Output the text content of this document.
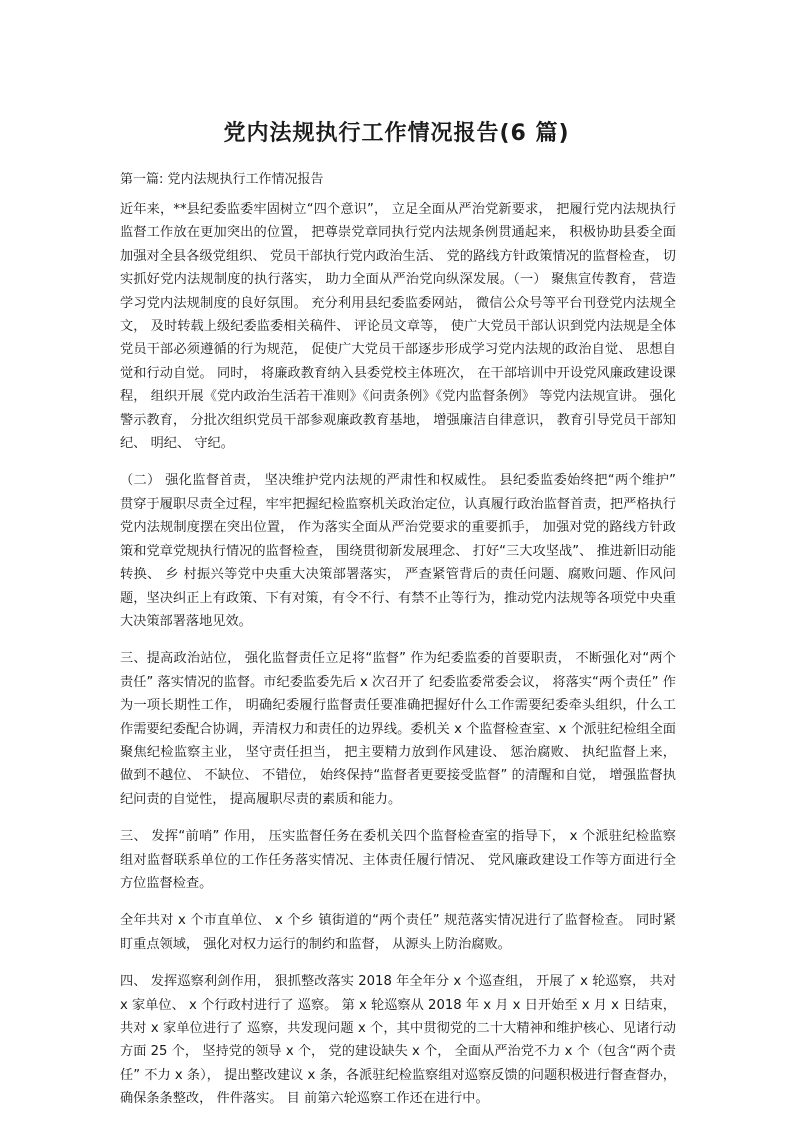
党内法规执行工作情况报告(6 篇)

第一篇: 党内法规执行工作情况报告

近年来，**县纪委监委牢固树立“四个意识”， 立足全面从严治党新要求， 把履行党内法规执行监督工作放在更加突出的位置， 把尊崇党章同执行党内法规条例贯通起来， 积极协助县委全面加强对全县各级党组织、 党员干部执行党内政治生活、 党的路线方针政策情况的监督检查， 切实抓好党内法规制度的执行落实， 助力全面从严治党向纵深发展。（一） 聚焦宣传教育， 营造学习党内法规制度的良好氛围。 充分利用县纪委监委网站， 微信公众号等平台刊登党内法规全文， 及时转载上级纪委监委相关稿件、 评论员文章等， 使广大党员干部认识到党内法规是全体党员干部必须遵循的行为规范， 促使广大党员干部逐步形成学习党内法规的政治自觉、 思想自觉和行动自觉。 同时， 将廉政教育纳入县委党校主体班次， 在干部培训中开设党风廉政建设课程， 组织开展《党内政治生活若干准则》《问责条例》《党内监督条例》 等党内法规宣讲。 强化警示教育， 分批次组织党员干部参观廉政教育基地， 增强廉洁自律意识， 教育引导党员干部知纪、 明纪、 守纪。

（二） 强化监督首责， 坚决维护党内法规的严肃性和权威性。 县纪委监委始终把“两个维护” 贯穿于履职尽责全过程，牢牢把握纪检监察机关政治定位，认真履行政治监督首责，把严格执行党内法规制度摆在突出位置， 作为落实全面从严治党要求的重要抓手， 加强对党的路线方针政策和党章党规执行情况的监督检查， 围绕贯彻新发展理念、 打好“三大攻坚战”、 推进新旧动能转换、 乡 村振兴等党中央重大决策部署落实， 严查紧管背后的责任问题、腐败问题、作风问题，坚决纠正上有政策、下有对策，有令不行、有禁不止等行为，推动党内法规等各项党中央重大决策部署落地见效。

三、提高政治站位， 强化监督责任立足将“监督” 作为纪委监委的首要职责， 不断强化对“两个责任” 落实情况的监督。市纪委监委先后 x 次召开了 纪委监委常委会议， 将落实“两个责任” 作为一项长期性工作， 明确纪委履行监督责任要准确把握好什么工作需要纪委牵头组织，什么工作需要纪委配合协调，弄清权力和责任的边界线。委机关 x 个监督检查室、x 个派驻纪检组全面聚焦纪检监察主业， 坚守责任担当， 把主要精力放到作风建设、 惩治腐败、 执纪监督上来， 做到不越位、 不缺位、 不错位， 始终保持“监督者更要接受监督” 的清醒和自觉， 增强监督执纪问责的自觉性， 提高履职尽责的素质和能力。

三、 发挥“前哨” 作用， 压实监督任务在委机关四个监督检查室的指导下， x 个派驻纪检监察组对监督联系单位的工作任务落实情况、主体责任履行情况、 党风廉政建设工作等方面进行全方位监督检查。

全年共对 x 个市直单位、 x 个乡 镇街道的“两个责任” 规范落实情况进行了监督检查。 同时紧盯重点领域， 强化对权力运行的制约和监督， 从源头上防治腐败。

四、 发挥巡察利剑作用， 狠抓整改落实 2018 年全年分 x 个巡查组， 开展了 x 轮巡察， 共对 x 家单位、 x 个行政村进行了 巡察。 第 x 轮巡察从 2018 年 x 月 x 日开始至 x 月 x 日结束，共对 x 家单位进行了 巡察，共发现问题 x 个，其中贯彻党的二十大精神和维护核心、见诸行动方面 25 个， 坚持党的领导 x 个， 党的建设缺失 x 个， 全面从严治党不力 x 个（包含“两个责任” 不力 x 条）， 提出整改建议 x 条，各派驻纪检监察组对巡察反馈的问题积极进行督查督办， 确保条条整改， 件件落实。 目 前第六轮巡察工作还在进行中。
